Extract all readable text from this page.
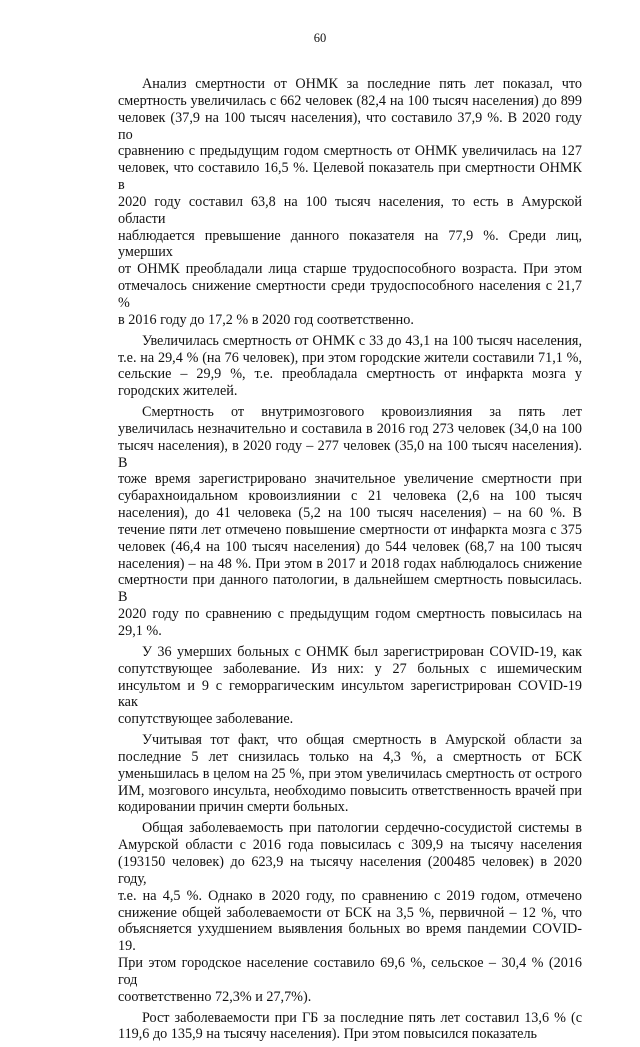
60
Анализ смертности от ОНМК за последние пять лет показал, что
смертность увеличилась с 662 человек (82,4 на 100 тысяч населения) до 899
человек (37,9 на 100 тысяч населения), что составило 37,9 %. В 2020 году по
сравнению с предыдущим годом смертность от ОНМК увеличилась на 127
человек, что составило 16,5 %. Целевой показатель при смертности ОНМК в
2020 году составил 63,8 на 100 тысяч населения, то есть в Амурской области
наблюдается превышение данного показателя на 77,9 %. Среди лиц, умерших
от ОНМК преобладали лица старше трудоспособного возраста. При этом
отмечалось снижение смертности среди трудоспособного населения с 21,7 %
в 2016 году до 17,2 % в 2020 год соответственно.
Увеличилась смертность от ОНМК с 33 до 43,1 на 100 тысяч населения,
т.е. на 29,4 % (на 76 человек), при этом городские жители составили 71,1 %,
сельские – 29,9 %, т.е. преобладала смертность от инфаркта мозга у
городских жителей.
Смертность от внутримозгового кровоизлияния за пять лет
увеличилась незначительно и составила в 2016 год 273 человек (34,0 на 100
тысяч населения), в 2020 году – 277 человек (35,0 на 100 тысяч населения). В
тоже время зарегистрировано значительное увеличение смертности при
субарахноидальном кровоизлиянии с 21 человека (2,6 на 100 тысяч
населения), до 41 человека (5,2 на 100 тысяч населения) – на 60 %. В
течение пяти лет отмечено повышение смертности от инфаркта мозга с 375
человек (46,4 на 100 тысяч населения) до 544 человек (68,7 на 100 тысяч
населения) – на 48 %. При этом в 2017 и 2018 годах наблюдалось снижение
смертности при данного патологии, в дальнейшем смертность повысилась. В
2020 году по сравнению с предыдущим годом смертность повысилась на
29,1 %.
У 36 умерших больных с ОНМК был зарегистрирован COVID-19, как
сопутствующее заболевание. Из них: у 27 больных с ишемическим
инсультом и 9 с геморрагическим инсультом зарегистрирован COVID-19 как
сопутствующее заболевание.
Учитывая тот факт, что общая смертность в Амурской области за
последние 5 лет снизилась только на 4,3 %, а смертность от БСК
уменьшилась в целом на 25 %, при этом увеличилась смертность от острого
ИМ, мозгового инсульта, необходимо повысить ответственность врачей при
кодировании причин смерти больных.
Общая заболеваемость при патологии сердечно-сосудистой системы в
Амурской области с 2016 года повысилась с 309,9 на тысячу населения
(193150 человек) до 623,9 на тысячу населения (200485 человек) в 2020 году,
т.е. на 4,5 %. Однако в 2020 году, по сравнению с 2019 годом, отмечено
снижение общей заболеваемости от БСК на 3,5 %, первичной – 12 %, что
объясняется ухудшением выявления больных во время пандемии COVID-19.
При этом городское население составило 69,6 %, сельское – 30,4 % (2016 год
соответственно 72,3% и 27,7%).
Рост заболеваемости при ГБ за последние пять лет составил 13,6 % (с
119,6 до 135,9 на тысячу населения). При этом повысился показатель
